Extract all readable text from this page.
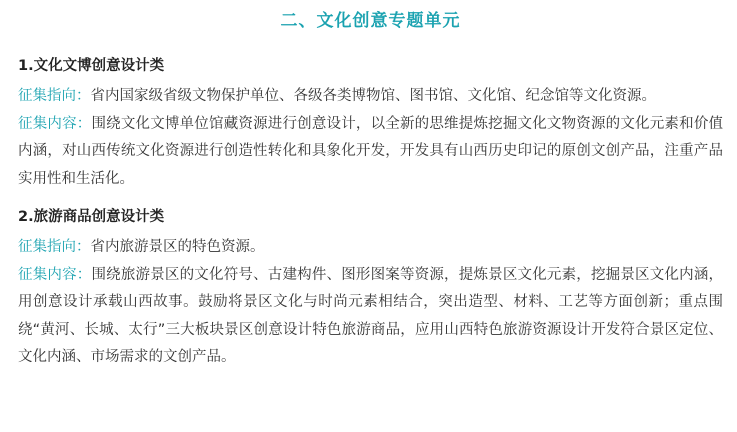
二、文化创意专题单元
1.文化文博创意设计类

征集指向：省内国家级省级文物保护单位、各级各类博物馆、图书馆、文化馆、纪念馆等文化资源。

征集内容：围绕文化文博单位馆藏资源进行创意设计，以全新的思维提炼挖掘文化文物资源的文化元素和价值内涵，对山西传统文化资源进行创造性转化和具象化开发，开发具有山西历史印记的原创文创产品，注重产品实用性和生活化。

2.旅游商品创意设计类

征集指向：省内旅游景区的特色资源。

征集内容：围绕旅游景区的文化符号、古建构件、图形图案等资源，提炼景区文化元素，挖掘景区文化内涵，用创意设计承载山西故事。鼓励将景区文化与时尚元素相结合，突出造型、材料、工艺等方面创新；重点围绕“黄河、长城、太行”三大板块景区创意设计特色旅游商品，应用山西特色旅游资源设计开发符合景区定位、文化内涵、市场需求的文创产品。
